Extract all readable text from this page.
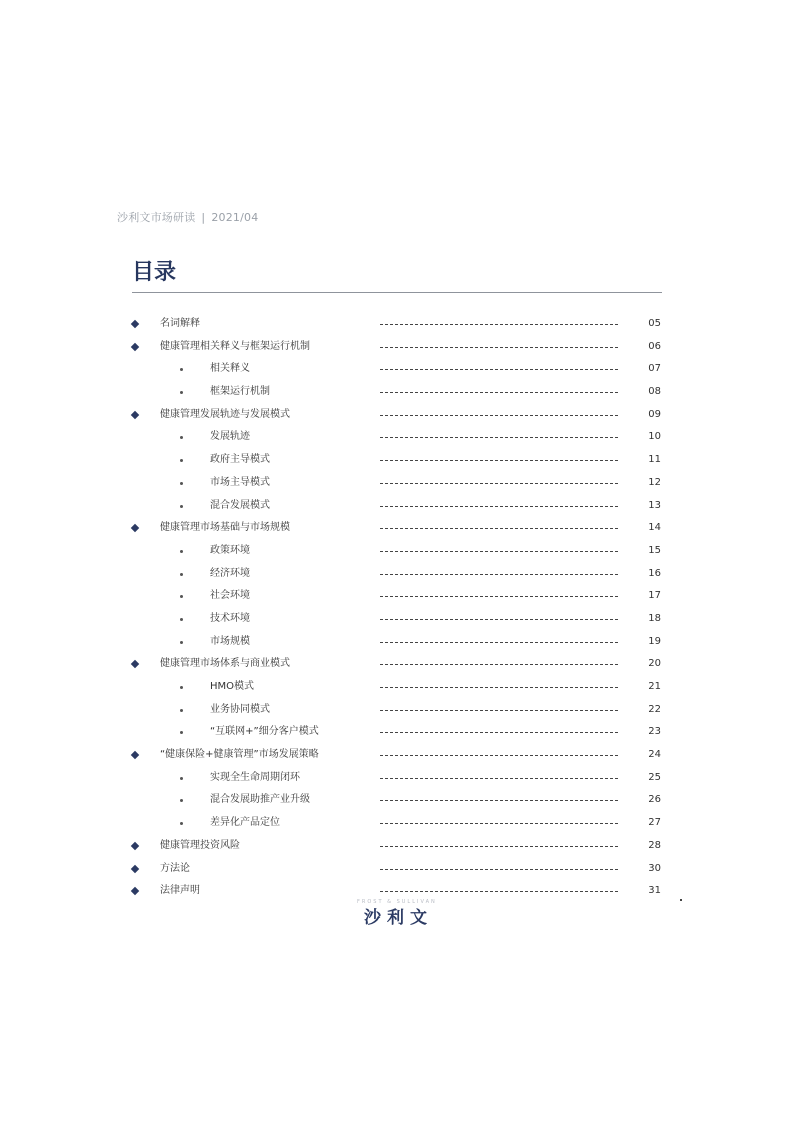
沙利文市场研读 | 2021/04
目录
名词解释	05
健康管理相关释义与框架运行机制	06
相关释义	07
框架运行机制	08
健康管理发展轨迹与发展模式	09
发展轨迹	10
政府主导模式	11
市场主导模式	12
混合发展模式	13
健康管理市场基础与市场规模	14
政策环境	15
经济环境	16
社会环境	17
技术环境	18
市场规模	19
健康管理市场体系与商业模式	20
HMO模式	21
业务协同模式	22
“互联网+”细分客户模式	23
“健康保险+健康管理”市场发展策略	24
实现全生命周期闭环	25
混合发展助推产业升级	26
差异化产品定位	27
健康管理投资风险	28
方法论	30
法律声明	31
FROST & SULLIVAN
沙利文
